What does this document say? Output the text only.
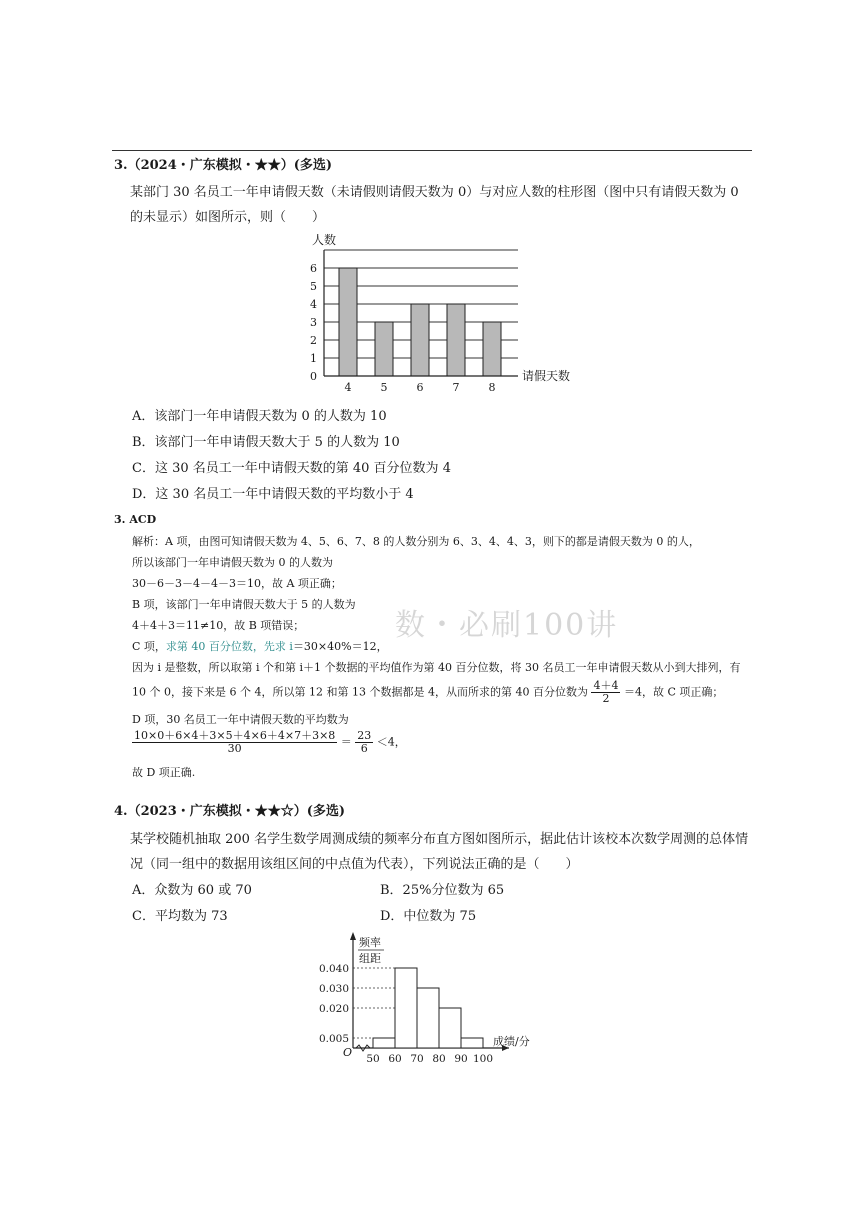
3.（2024・广东模拟・★★）(多选)
某部门 30 名员工一年申请假天数（未请假则请假天数为 0）与对应人数的柱形图（图中只有请假天数为 0
的未显示）如图所示，则（　　）
0
1
2
3
4
5
6
人数
4	5	6	7	8
请假天数
A．该部门一年申请假天数为 0 的人数为 10
B．该部门一年申请假天数大于 5 的人数为 10
C．这 30 名员工一年中请假天数的第 40 百分位数为 4
D．这 30 名员工一年中请假天数的平均数小于 4
3. ACD
解析：A 项，由图可知请假天数为 4、5、6、7、8 的人数分别为 6、3、4、4、3，则下的都是请假天数为 0 的人，
所以该部门一年申请假天数为 0 的人数为
30－6－3－4－4－3＝10，故 A 项正确；
B 项，该部门一年申请假天数大于 5 的人数为
4＋4＋3＝11≠10，故 B 项错误；
C 项，求第 40 百分位数，先求 i＝30×40%＝12，
因为 i 是整数，所以取第 i 个和第 i＋1 个数据的平均值作为第 40 百分位数，将 30 名员工一年申请假天数从小到大排列，有
10 个 0，接下来是 6 个 4，所以第 12 和第 13 个数据都是 4，从而所求的第 40 百分位数为 $\frac{4+4}{2} =4$，故 C 项正确；
D 项，30 名员工一年中请假天数的平均数为
$\frac{10\times 0+6\times 4+3\times 5+4\times 6+4\times 7+3\times 8}{30} = \frac{23}{6} <4$，
故 D 项正确.
数・必刷100讲
4.（2023・广东模拟・★★☆）(多选)
某学校随机抽取 200 名学生数学周测成绩的频率分布直方图如图所示，据此估计该校本次数学周测的总体情
况（同一组中的数据用该组区间的中点值为代表），下列说法正确的是（　　）
A．众数为 60 或 70	B．25%分位数为 65
C．平均数为 73	D．中位数为 75
O
频率
组距
0.005
0.020
0.030
0.040
50 60 70 80 90 100
成绩/分
